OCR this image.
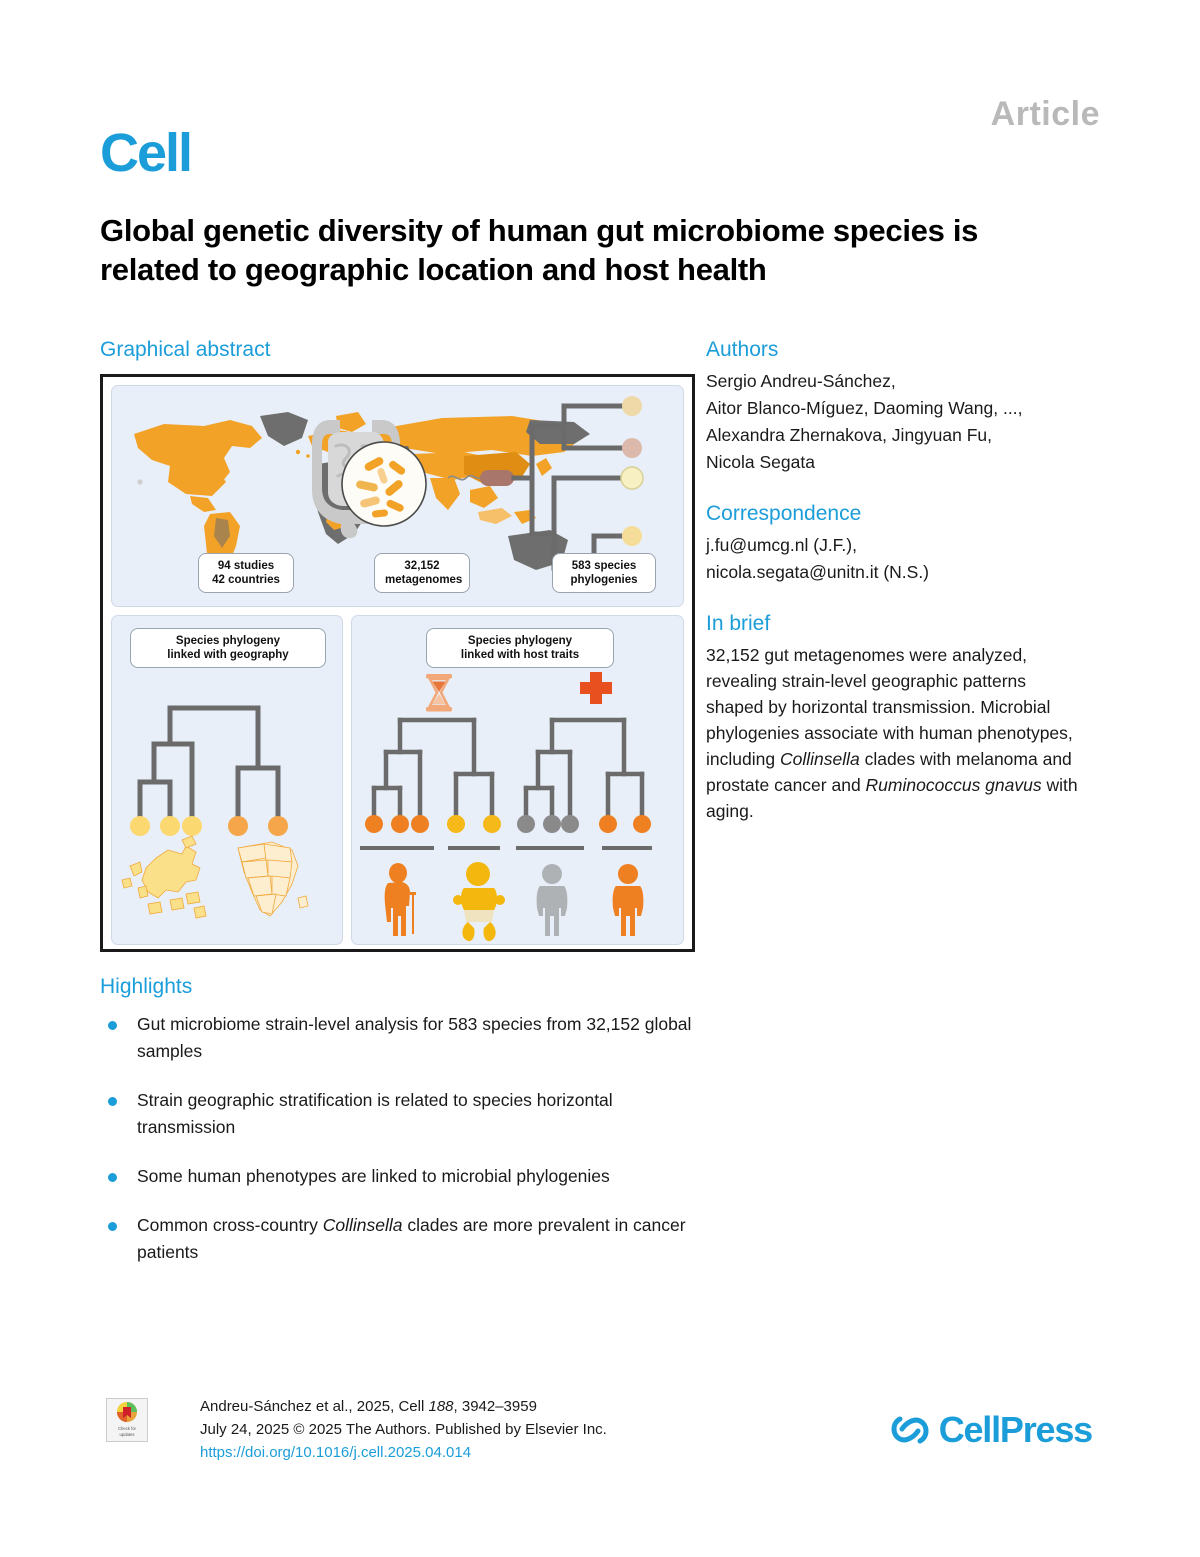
Article
Cell
Global genetic diversity of human gut microbiome species is related to geographic location and host health
Graphical abstract
94 studies
42 countries
32,152
metagenomes
583 species
phylogenies
Species phylogeny
linked with geography
Species phylogeny
linked with host traits
Highlights
Gut microbiome strain-level analysis for 583 species from 32,152 global samples
Strain geographic stratification is related to species horizontal transmission
Some human phenotypes are linked to microbial phylogenies
Common cross-country Collinsella clades are more prevalent in cancer patients
Authors
Sergio Andreu-Sánchez,
Aitor Blanco-Míguez, Daoming Wang, ...,
Alexandra Zhernakova, Jingyuan Fu,
Nicola Segata
Correspondence
j.fu@umcg.nl (J.F.),
nicola.segata@unitn.it (N.S.)
In brief
32,152 gut metagenomes were analyzed, revealing strain-level geographic patterns shaped by horizontal transmission. Microbial phylogenies associate with human phenotypes, including Collinsella clades with melanoma and prostate cancer and Ruminococcus gnavus with aging.
Check for
updates
Andreu-Sánchez et al., 2025, Cell 188, 3942–3959
July 24, 2025 © 2025 The Authors. Published by Elsevier Inc.
https://doi.org/10.1016/j.cell.2025.04.014
CellPress
